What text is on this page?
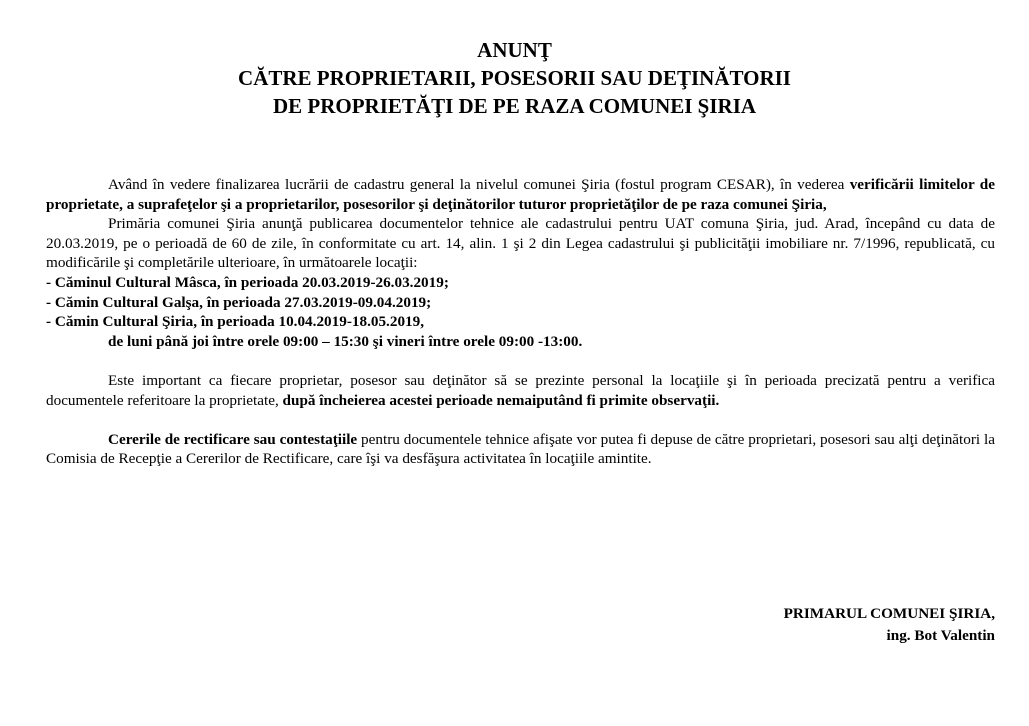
ANUNŢ
CĂTRE PROPRIETARII, POSESORII SAU DEŢINĂTORII
DE PROPRIETĂŢI DE PE RAZA COMUNEI ŞIRIA

Având în vedere finalizarea lucrării de cadastru general la nivelul comunei Şiria (fostul program CESAR), în vederea verificării limitelor de proprietate, a suprafeţelor şi a proprietarilor, posesorilor şi deţinătorilor tuturor proprietăţilor de pe raza comunei Şiria,

Primăria comunei Şiria anunţă publicarea documentelor tehnice ale cadastrului pentru UAT comuna Şiria, jud. Arad, începând cu data de 20.03.2019, pe o perioadă de 60 de zile, în conformitate cu art. 14, alin. 1 şi 2 din Legea cadastrului şi publicităţii imobiliare nr. 7/1996, republicată, cu modificările şi completările ulterioare, în următoarele locaţii:

- Căminul Cultural Mâsca, în perioada 20.03.2019-26.03.2019;
- Cămin Cultural Galşa, în perioada 27.03.2019-09.04.2019;
- Cămin Cultural Şiria, în perioada 10.04.2019-18.05.2019,
de luni până joi între orele 09:00 – 15:30 şi vineri între orele 09:00 -13:00.

Este important ca fiecare proprietar, posesor sau deţinător să se prezinte personal la locaţiile şi în perioada precizată pentru a verifica documentele referitoare la proprietate, după încheierea acestei perioade nemaiputând fi primite observaţii.

Cererile de rectificare sau contestaţiile pentru documentele tehnice afişate vor putea fi depuse de către proprietari, posesori sau alţi deţinători la Comisia de Recepţie a Cererilor de Rectificare, care îşi va desfăşura activitatea în locaţiile amintite.

PRIMARUL COMUNEI ŞIRIA,
ing. Bot Valentin
